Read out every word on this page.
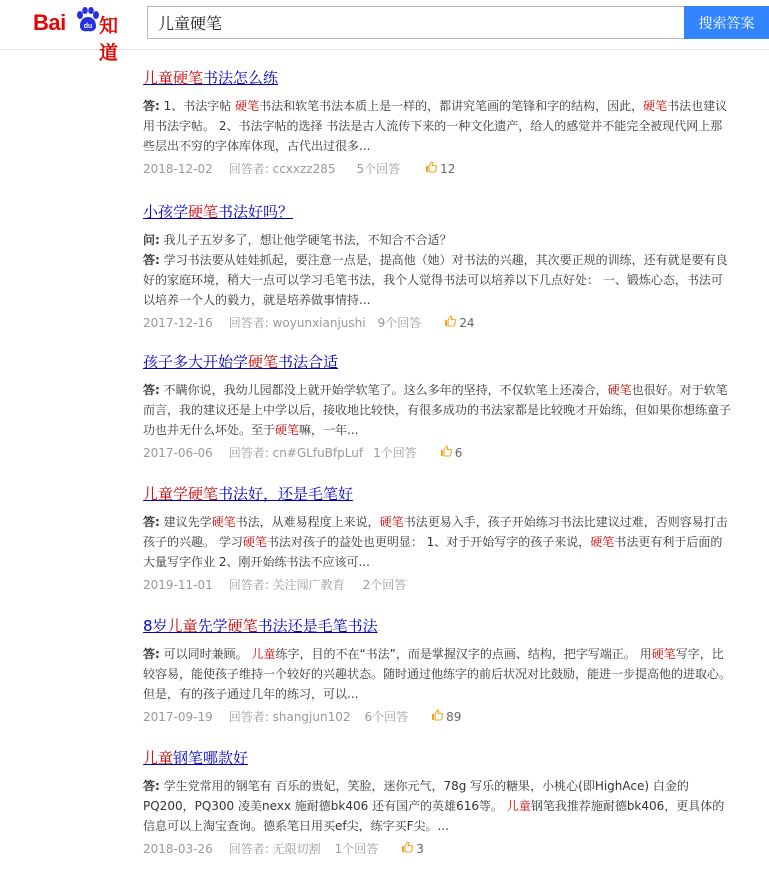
Bai	du 知道
儿童硬笔
搜索答案
儿童硬笔书法怎么练
答: 1、书法字帖 硬笔书法和软笔书法本质上是一样的，都讲究笔画的笔锋和字的结构，因此，硬笔书法也建议用书法字帖。 2、书法字帖的选择 书法是古人流传下来的一种文化遗产，给人的感觉并不能完全被现代网上那些层出不穷的字体库体现，古代出过很多...
2018-12-02 回答者: ccxxzz285 5个回答	12
小孩学硬笔书法好吗？
问: 我儿子五岁多了，想让他学硬笔书法，不知合不合适？
答: 学习书法要从娃娃抓起，要注意一点是，提高他（她）对书法的兴趣，其次要正规的训练，还有就是要有良好的家庭环境，稍大一点可以学习毛笔书法，我个人觉得书法可以培养以下几点好处： 一、锻炼心态，书法可以培养一个人的毅力，就是培养做事情持...
2017-12-16 回答者: woyunxianjushi 9个回答	24
孩子多大开始学硬笔书法合适
答: 不瞒你说，我幼儿园都没上就开始学软笔了。这么多年的坚持，不仅软笔上还凑合，硬笔也很好。对于软笔而言，我的建议还是上中学以后，接收地比较快，有很多成功的书法家都是比较晚才开始练，但如果你想练童子功也并无什么坏处。至于硬笔嘛，一年...
2017-06-06 回答者: cn#GLfuBfpLuf 1个回答	6
儿童学硬笔书法好，还是毛笔好
答: 建议先学硬笔书法，从难易程度上来说，硬笔书法更易入手，孩子开始练习书法比建议过难，否则容易打击孩子的兴趣。 学习硬笔书法对孩子的益处也更明显： 1、对于开始写字的孩子来说，硬笔书法更有利于后面的大量写字作业 2、刚开始练书法不应该可...
2019-11-01 回答者: 关注闻广教育 2个回答
8岁儿童先学硬笔书法还是毛笔书法
答: 可以同时兼顾。 儿童练字，目的不在“书法”，而是掌握汉字的点画、结构，把字写端正。 用硬笔写字，比较容易，能使孩子维持一个较好的兴趣状态。随时通过他练字的前后状况对比鼓励，能进一步提高他的进取心。但是，有的孩子通过几年的练习，可以...
2017-09-19 回答者: shangjun102 6个回答	89
儿童钢笔哪款好
答: 学生党常用的钢笔有 百乐的贵妃，笑脸，迷你元气，78g 写乐的糖果，小桃心(即HighAce) 白金的PQ200，PQ300 凌美nexx 施耐德bk406 还有国产的英雄616等。 儿童钢笔我推荐施耐德bk406，更具体的信息可以上淘宝查询。德系笔日用买ef尖，练字买F尖。...
2018-03-26 回答者: 无限切割 1个回答	3
